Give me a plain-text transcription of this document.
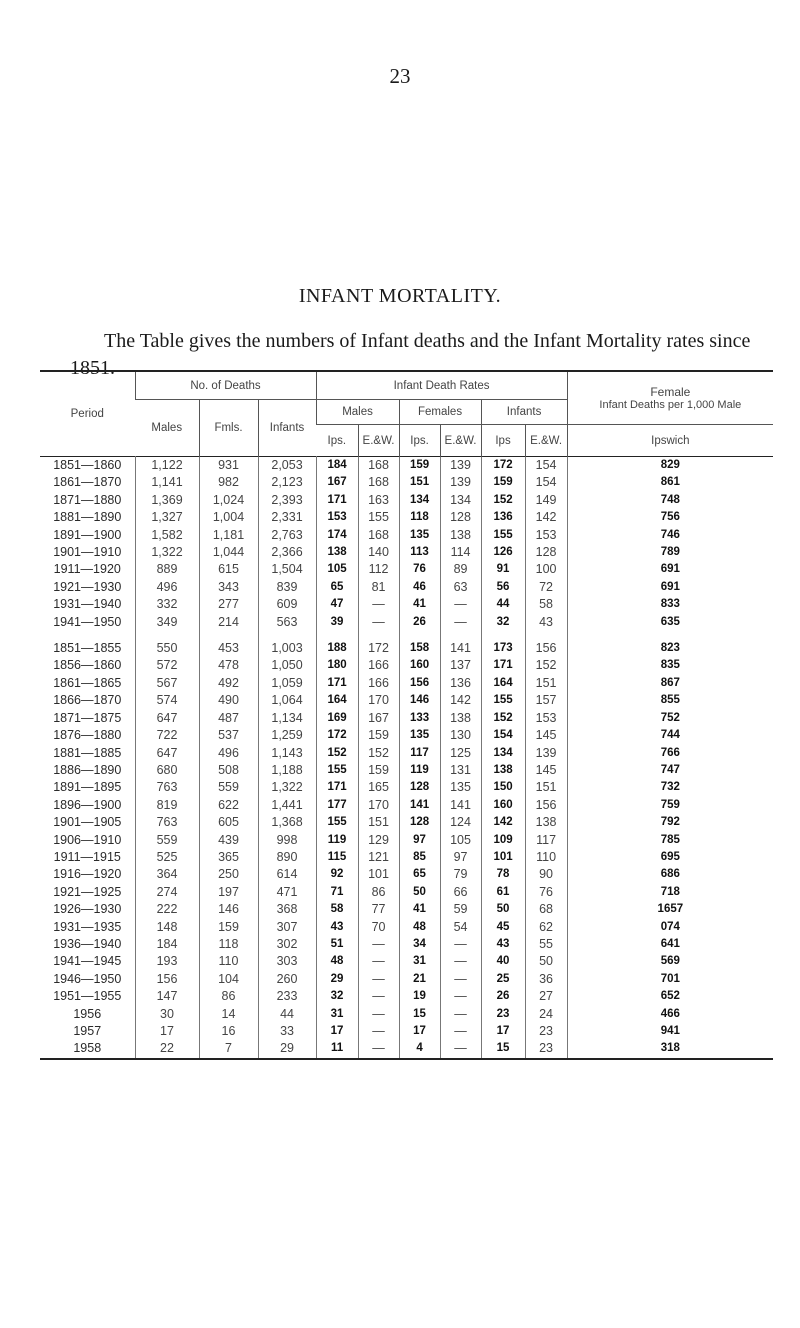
23
INFANT MORTALITY.

The Table gives the numbers of Infant deaths and the Infant Mortality rates since 1851.

Period	No. of Deaths			Infant Death Rates						Female
Infant Deaths per 1,000 Male

	Males	Fmls.	Infants	Males		Females		Infants		
				Ips.	E.&W.	Ips.	E.&W.	Ips	E.&W.	Ipswich
1851—1860	1,122	931	2,053	184	168	159	139	172	154	829
1861—1870	1,141	982	2,123	167	168	151	139	159	154	861
1871—1880	1,369	1,024	2,393	171	163	134	134	152	149	748
1881—1890	1,327	1,004	2,331	153	155	118	128	136	142	756
1891—1900	1,582	1,181	2,763	174	168	135	138	155	153	746
1901—1910	1,322	1,044	2,366	138	140	113	114	126	128	789
1911—1920	889	615	1,504	105	112	76	89	91	100	691
1921—1930	496	343	839	65	81	46	63	56	72	691
1931—1940	332	277	609	47	—	41	—	44	58	833
1941—1950	349	214	563	39	—	26	—	32	43	635
1851—1855	550	453	1,003	188	172	158	141	173	156	823
1856—1860	572	478	1,050	180	166	160	137	171	152	835
1861—1865	567	492	1,059	171	166	156	136	164	151	867
1866—1870	574	490	1,064	164	170	146	142	155	157	855
1871—1875	647	487	1,134	169	167	133	138	152	153	752
1876—1880	722	537	1,259	172	159	135	130	154	145	744
1881—1885	647	496	1,143	152	152	117	125	134	139	766
1886—1890	680	508	1,188	155	159	119	131	138	145	747
1891—1895	763	559	1,322	171	165	128	135	150	151	732
1896—1900	819	622	1,441	177	170	141	141	160	156	759
1901—1905	763	605	1,368	155	151	128	124	142	138	792
1906—1910	559	439	998	119	129	97	105	109	117	785
1911—1915	525	365	890	115	121	85	97	101	110	695
1916—1920	364	250	614	92	101	65	79	78	90	686
1921—1925	274	197	471	71	86	50	66	61	76	718
1926—1930	222	146	368	58	77	41	59	50	68	1657
1931—1935	148	159	307	43	70	48	54	45	62	074
1936—1940	184	118	302	51	—	34	—	43	55	641
1941—1945	193	110	303	48	—	31	—	40	50	569
1946—1950	156	104	260	29	—	21	—	25	36	701
1951—1955	147	86	233	32	—	19	—	26	27	652
1956	30	14	44	31	—	15	—	23	24	466
1957	17	16	33	17	—	17	—	17	23	941
1958	22	7	29	11	—	4	—	15	23	318
